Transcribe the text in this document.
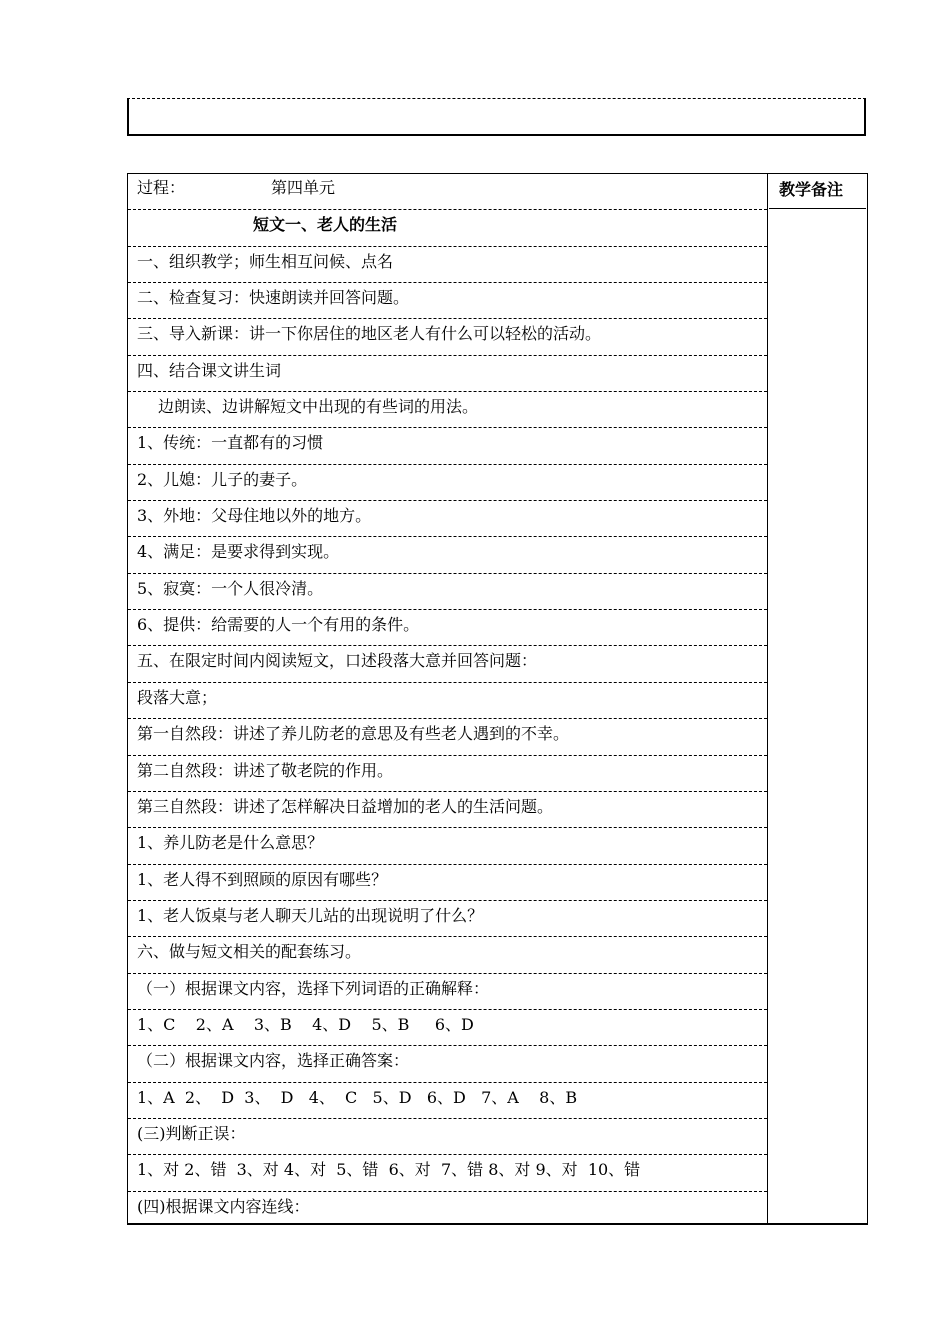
过程：	第四单元
短文一、老人的生活
一、组织教学；师生相互问候、点名
二、检查复习：快速朗读并回答问题。
三、导入新课：讲一下你居住的地区老人有什么可以轻松的活动。
四、结合课文讲生词
边朗读、边讲解短文中出现的有些词的用法。
1、传统：一直都有的习惯
2、儿媳：儿子的妻子。
3、外地：父母住地以外的地方。
4、满足：是要求得到实现。
5、寂寞：一个人很冷清。
6、提供：给需要的人一个有用的条件。
五、在限定时间内阅读短文，口述段落大意并回答问题：
段落大意；
第一自然段：讲述了养儿防老的意思及有些老人遇到的不幸。
第二自然段：讲述了敬老院的作用。
第三自然段：讲述了怎样解决日益增加的老人的生活问题。
1、养儿防老是什么意思？
1、老人得不到照顾的原因有哪些？
1、老人饭桌与老人聊天儿站的出现说明了什么？
六、做与短文相关的配套练习。
（一）根据课文内容，选择下列词语的正确解释：
1、C    2、A    3、B    4、D    5、B     6、D
（二）根据课文内容，选择正确答案：
1、A  2、  D  3、  D   4、  C   5、D   6、D   7、A    8、B
(三)判断正误：
1、对 2、错  3、对 4、对  5、错  6、对  7、错 8、对 9、对  10、错
(四)根据课文内容连线：
教学备注
